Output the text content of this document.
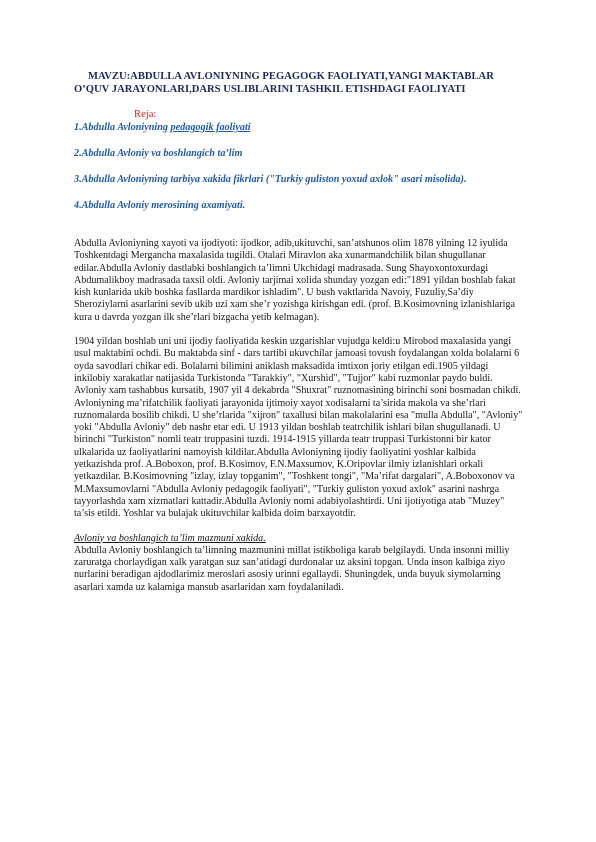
MAVZU:ABDULLA AVLONIYNING PEGAGOGK FAOLIYATI,YANGI MAKTABLAR O’QUV JARAYONLARI,DARS USLIBLARINI TASHKIL ETISHDAGI FAOLIYATI

Reja:

1.Abdulla Avloniyning pedagogik faoliyati

2.Abdulla Avloniy va boshlangich ta’lim

3.Abdulla Avloniyning tarbiya xakida fikrlari ("Turkiy guliston yoxud axlok" asari misolida).

4.Abdulla Avloniy merosining axamiyati.

Abdulla Avloniyning xayoti va ijodiyoti: ijodkor, adib,ukituvchi, san’atshunos olim 1878 yilning 12 iyulida Toshkentdagi Mergancha maxalasida tugildi. Otalari Miravlon aka xunarmandchilik bilan shugullanar edilar.Abdulla Avloniy dastlabki boshlangich ta’limni Ukchidagi madrasada. Sung Shayoxontoxurdagi Abdumalikboy madrasada taxsil oldi. Avloniy tarjimai xolida shunday yozgan edi:"1891 yildan boshlab fakat kish kunlarida ukib boshka fasllarda mardikor ishladim". U bush vaktlarida Navoiy, Fuzuliy,Sa’diy Sheroziylarni asarlarini sevib ukib uzi xam she’r yozishga kirishgan edi. (prof. B.Kosimovning izlanishlariga kura u davrda yozgan ilk she’rlari bizgacha yetib kelmagan).

1904 yildan boshlab uni uni ijodiy faoliyatida keskin uzgarishlar vujudga keldi:u Mirobod maxalasida yangi usul maktabini ochdi. Bu maktabda sinf - dars tartibi ukuvchilar jamoasi tovush foydalangan xolda bolalarni 6 oyda savodlari chikar edi. Bolalarni bilimini aniklash maksadida imtixon joriy etilgan edi.1905 yildagi inkilobiy xarakatlar natijasida Turkistonda "Tarakkiy", "Xurshid", "Tujjor" kabi ruzmonlar paydo buldi. Avloniy xam tashabbus kursatib, 1907 yil 4 dekabrda "Shuxrat" ruznomasining birinchi soni bosmadan chikdi. Avloniyning ma’rifatchilik faoliyati jarayonida ijtimoiy xayot xodisalarni ta’sirida makola va she’rlari ruznomalarda bosilib chikdi. U she’rlarida "xijron" taxallusi bilan makolalarini esa "mulla Abdulla", "Avloniy" yoki "Abdulla Avloniy" deb nashr etar edi. U 1913 yildan boshlab teatrchilik ishlari bilan shugullanadi. U birinchi "Turkiston" nomli teatr truppasini tuzdi. 1914-1915 yillarda teatr truppasi Turkistonni bir kator ulkalarida uz faoliyatlarini namoyish kildilar.Abdulla Avloniyning ijodiy faoliyatini yoshlar kalbida yetkazishda prof. A.Boboxon, prof. B.Kosimov, F.N.Maxsumov, K.Oripovlar ilmiy izlanishlari orkali yetkazdilar. B.Kosimovning "izlay, izlay topganim", "Toshkent tongi", "Ma’rifat dargalari", A.Boboxonov va M.Maxsumovlarni "Abdulla Avloniy pedagogik faoliyati", "Turkiy guliston yoxud axlok" asarini nashrga tayyorlashda xam xizmatlari kattadir.Abdulla Avloniy nomi adabiyolashtirdi. Uni ijotiyotiga atab "Muzey" ta’sis etildi. Yoshlar va bulajak ukituvchilar kalbida doim barxayotdir.

Avloniy va boshlangich ta’lim mazmuni xakida.

Abdulla Avloniy boshlangich ta’limning mazmunini millat istikboliga karab belgilaydi. Unda insonni milliy zaruratga chorlaydigan xalk yaratgan suz san’atidagi durdonalar uz aksini topgan. Unda inson kalbiga ziyo nurlarini beradigan ajdodlarimiz meroslari asosiy urinni egallaydi. Shuningdek, unda buyuk siymolarning asarlari xamda uz kalamiga mansub asarlaridan xam foydalaniladi.
